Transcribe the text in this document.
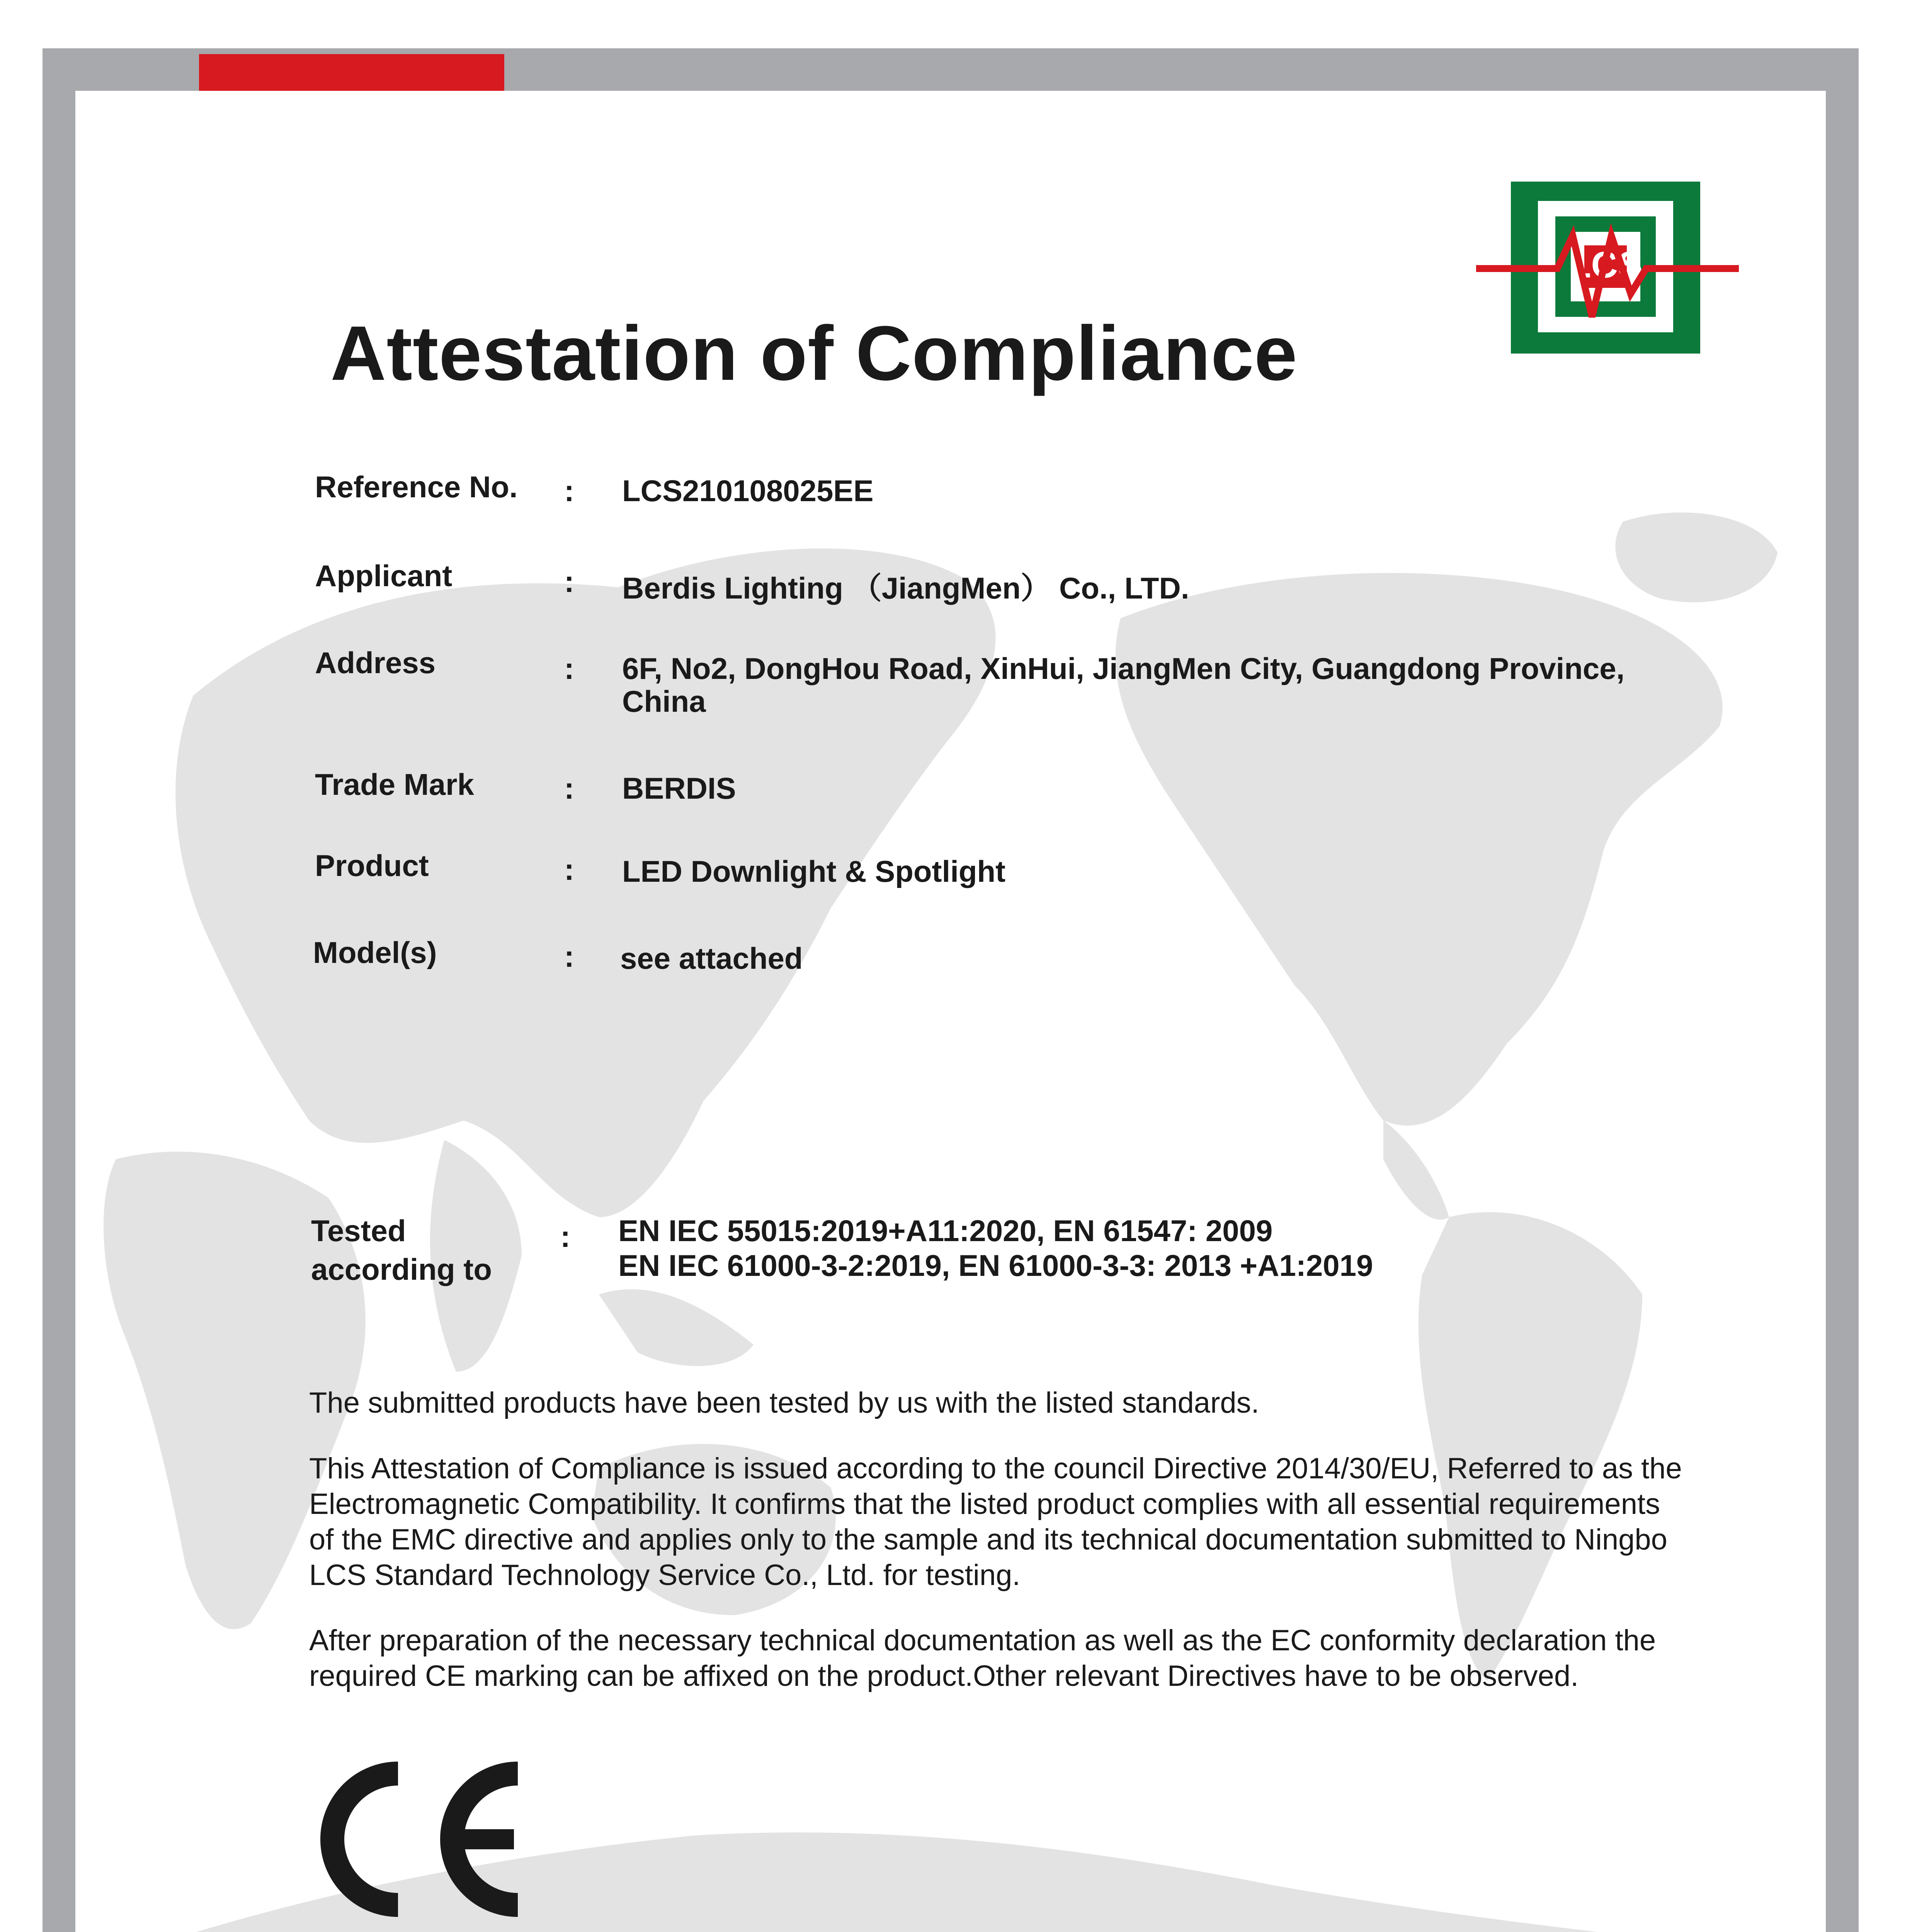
LCS
Attestation of Compliance
Reference No. : LCS210108025EE
Applicant	: Berdis Lighting （JiangMen） Co., LTD.
Address	: 6F, No2, DongHou Road, XinHui, JiangMen City, Guangdong Province,
China
Trade Mark	: BERDIS
Product	: LED Downlight & Spotlight
Model(s)	: see attached
Tested
according to
: EN IEC 55015:2019+A11:2020, EN 61547: 2009
EN IEC 61000-3-2:2019, EN 61000-3-3: 2013 +A1:2019
The submitted products have been tested by us with the listed standards.
This Attestation of Compliance is issued according to the council Directive 2014/30/EU, Referred to as the Electromagnetic Compatibility. It confirms that the listed product complies with all essential requirements of the EMC directive and applies only to the sample and its technical documentation submitted to Ningbo LCS Standard Technology Service Co., Ltd. for testing.
After preparation of the necessary technical documentation as well as the EC conformity declaration the required CE marking can be affixed on the product.Other relevant Directives have to be observed.
